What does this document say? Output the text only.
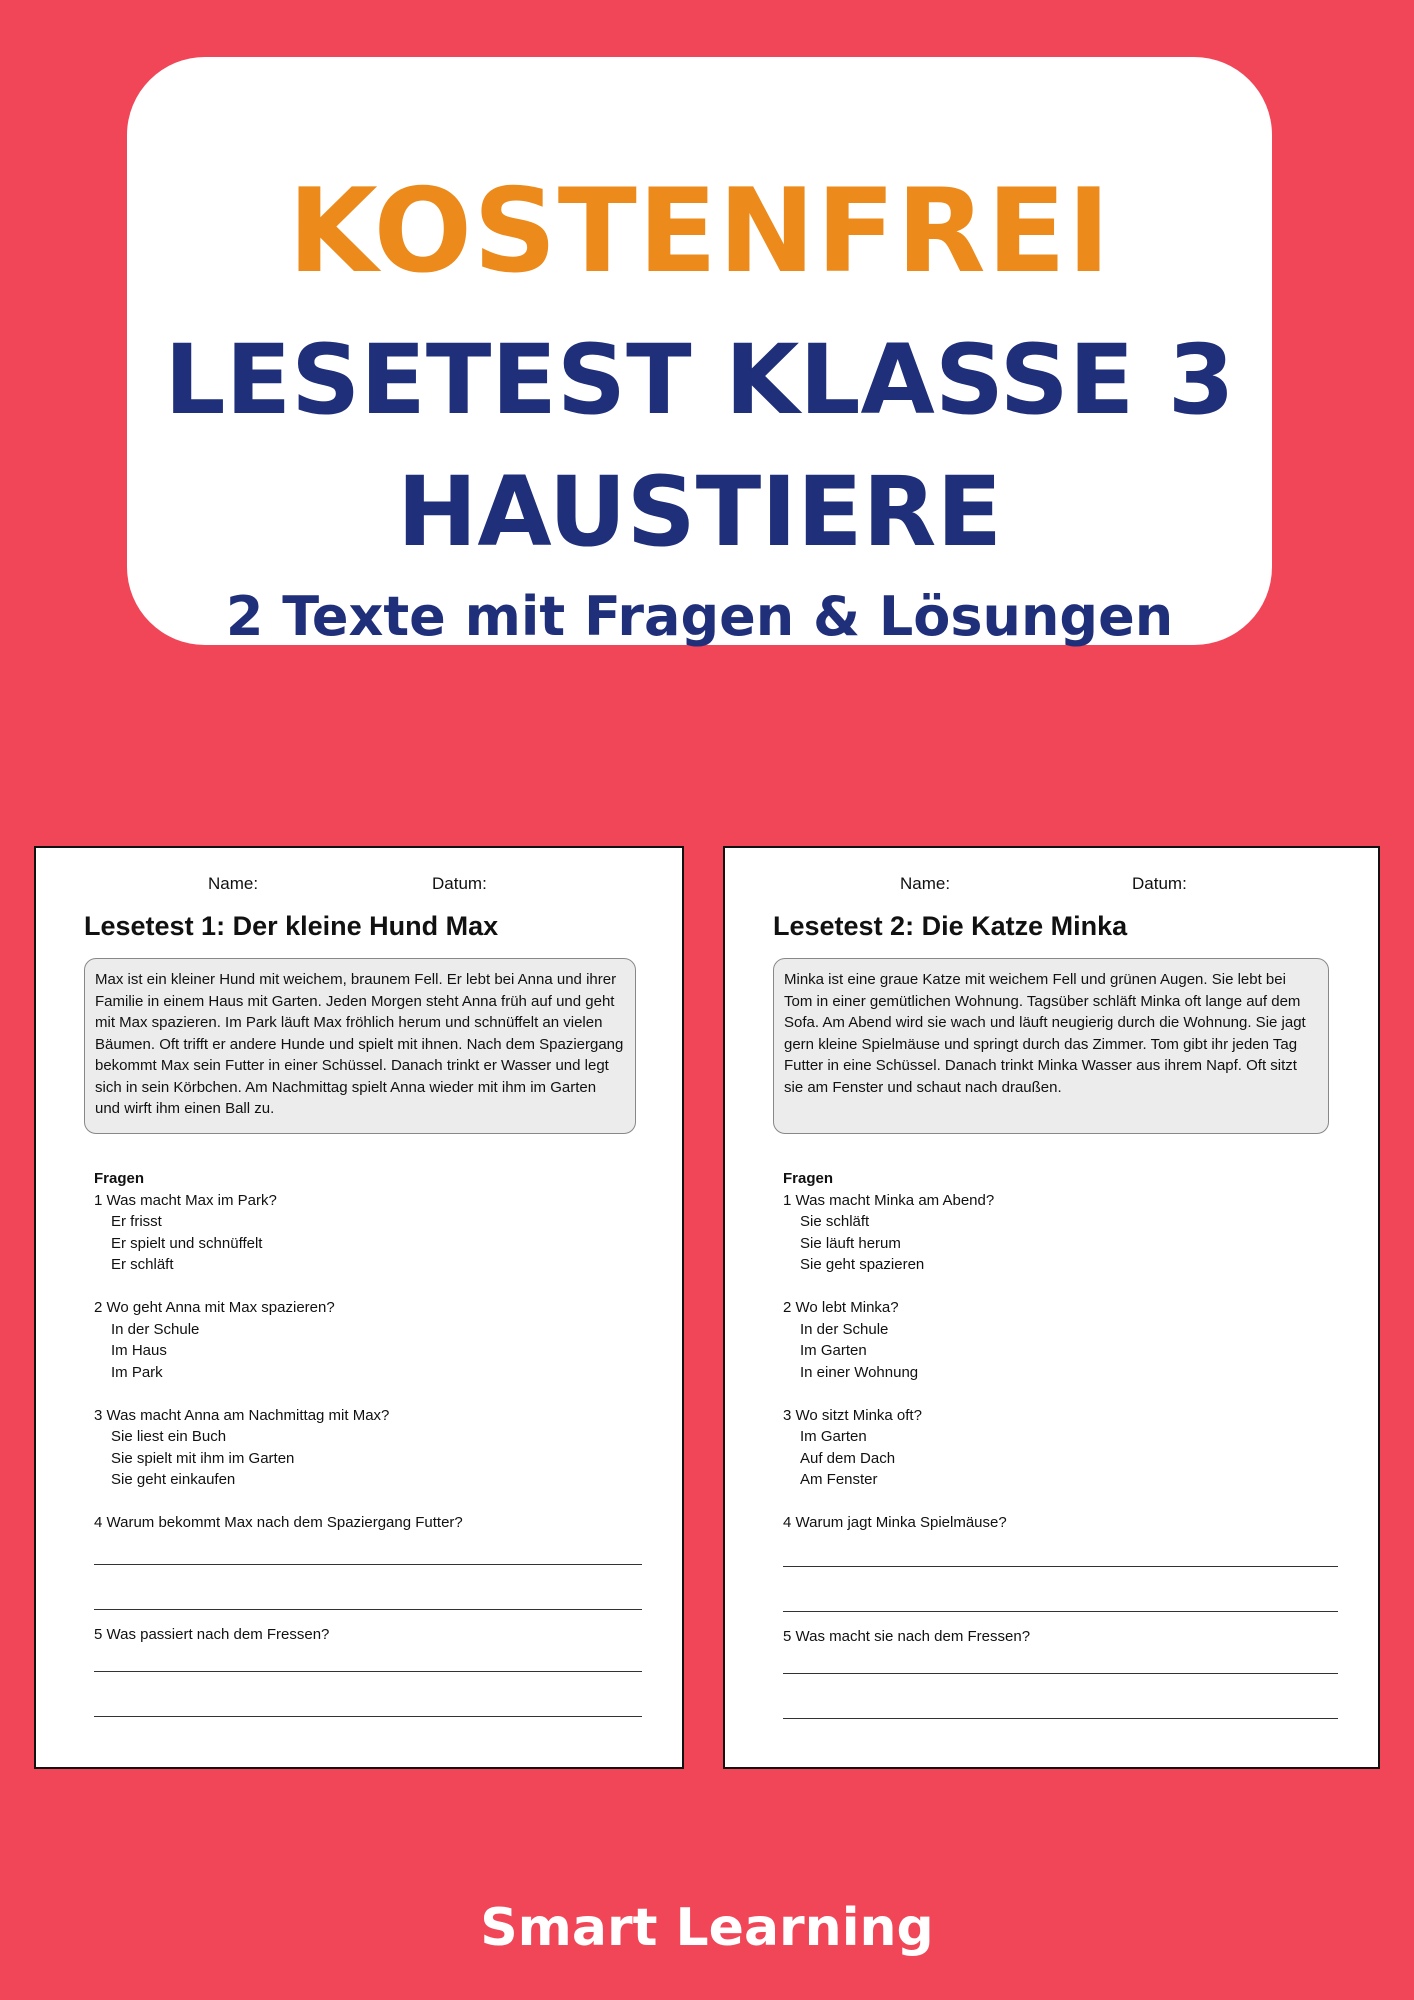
KOSTENFREI
LESETEST KLASSE 3
HAUSTIERE
2 Texte mit Fragen & Lösungen
Name:	Datum:
Lesetest 1: Der kleine Hund Max
Max ist ein kleiner Hund mit weichem, braunem Fell. Er lebt bei Anna und ihrer Familie in einem Haus mit Garten. Jeden Morgen steht Anna früh auf und geht mit Max spazieren. Im Park läuft Max fröhlich herum und schnüffelt an vielen Bäumen. Oft trifft er andere Hunde und spielt mit ihnen. Nach dem Spaziergang bekommt Max sein Futter in einer Schüssel. Danach trinkt er Wasser und legt sich in sein Körbchen. Am Nachmittag spielt Anna wieder mit ihm im Garten und wirft ihm einen Ball zu.
Fragen
1 Was macht Max im Park?
Er frisst
Er spielt und schnüffelt
Er schläft
2 Wo geht Anna mit Max spazieren?
In der Schule
Im Haus
Im Park
3 Was macht Anna am Nachmittag mit Max?
Sie liest ein Buch
Sie spielt mit ihm im Garten
Sie geht einkaufen
4 Warum bekommt Max nach dem Spaziergang Futter?
5 Was passiert nach dem Fressen?
Name:	Datum:
Lesetest 2: Die Katze Minka
Minka ist eine graue Katze mit weichem Fell und grünen Augen. Sie lebt bei Tom in einer gemütlichen Wohnung. Tagsüber schläft Minka oft lange auf dem Sofa. Am Abend wird sie wach und läuft neugierig durch die Wohnung. Sie jagt gern kleine Spielmäuse und springt durch das Zimmer. Tom gibt ihr jeden Tag Futter in eine Schüssel. Danach trinkt Minka Wasser aus ihrem Napf. Oft sitzt sie am Fenster und schaut nach draußen.
Fragen
1 Was macht Minka am Abend?
Sie schläft
Sie läuft herum
Sie geht spazieren
2 Wo lebt Minka?
In der Schule
Im Garten
In einer Wohnung
3 Wo sitzt Minka oft?
Im Garten
Auf dem Dach
Am Fenster
4 Warum jagt Minka Spielmäuse?
5 Was macht sie nach dem Fressen?
Smart Learning
